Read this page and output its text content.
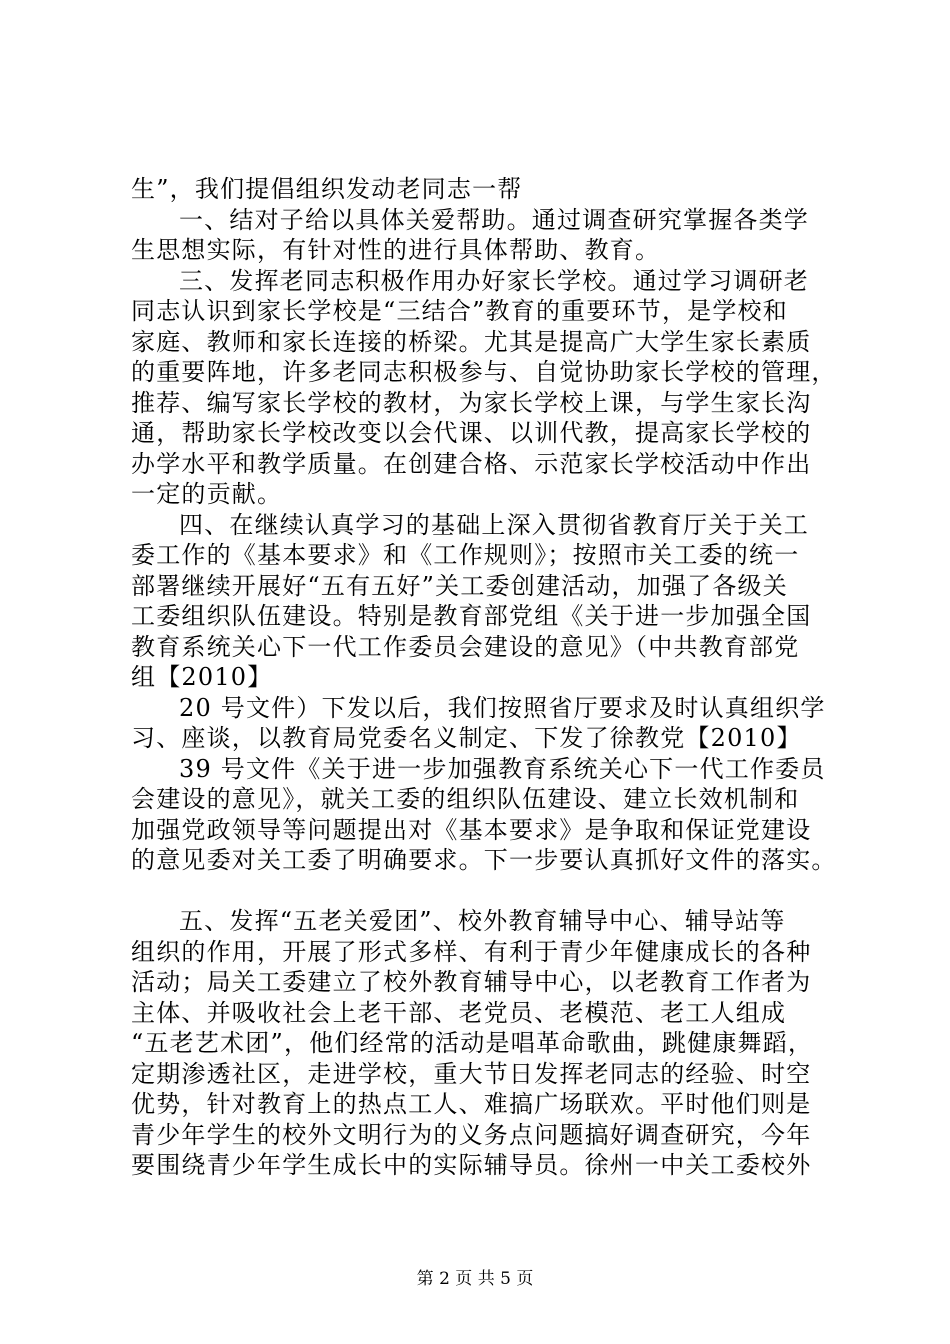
生”，我们提倡组织发动老同志一帮
一、结对子给以具体关爱帮助。通过调查研究掌握各类学
生思想实际，有针对性的进行具体帮助、教育。
三、发挥老同志积极作用办好家长学校。通过学习调研老
同志认识到家长学校是“三结合”教育的重要环节，是学校和
家庭、教师和家长连接的桥梁。尤其是提高广大学生家长素质
的重要阵地，许多老同志积极参与、自觉协助家长学校的管理，
推荐、编写家长学校的教材，为家长学校上课，与学生家长沟
通，帮助家长学校改变以会代课、以训代教，提高家长学校的
办学水平和教学质量。在创建合格、示范家长学校活动中作出
一定的贡献。
四、在继续认真学习的基础上深入贯彻省教育厅关于关工
委工作的《基本要求》和《工作规则》；按照市关工委的统一
部署继续开展好“五有五好”关工委创建活动，加强了各级关
工委组织队伍建设。特别是教育部党组《关于进一步加强全国
教育系统关心下一代工作委员会建设的意见》（中共教育部党
组【2010】
20 号文件）下发以后，我们按照省厅要求及时认真组织学
习、座谈，以教育局党委名义制定、下发了徐教党【2010】
39 号文件《关于进一步加强教育系统关心下一代工作委员
会建设的意见》，就关工委的组织队伍建设、建立长效机制和
加强党政领导等问题提出对《基本要求》是争取和保证党建设
的意见委对关工委了明确要求。下一步要认真抓好文件的落实。
五、发挥“五老关爱团”、校外教育辅导中心、辅导站等
组织的作用，开展了形式多样、有利于青少年健康成长的各种
活动；局关工委建立了校外教育辅导中心，以老教育工作者为
主体、并吸收社会上老干部、老党员、老模范、老工人组成
“五老艺术团”，他们经常的活动是唱革命歌曲，跳健康舞蹈，
定期渗透社区，走进学校，重大节日发挥老同志的经验、时空
优势，针对教育上的热点工人、难搞广场联欢。平时他们则是
青少年学生的校外文明行为的义务点问题搞好调查研究，今年
要围绕青少年学生成长中的实际辅导员。徐州一中关工委校外
第 2 页 共 5 页
